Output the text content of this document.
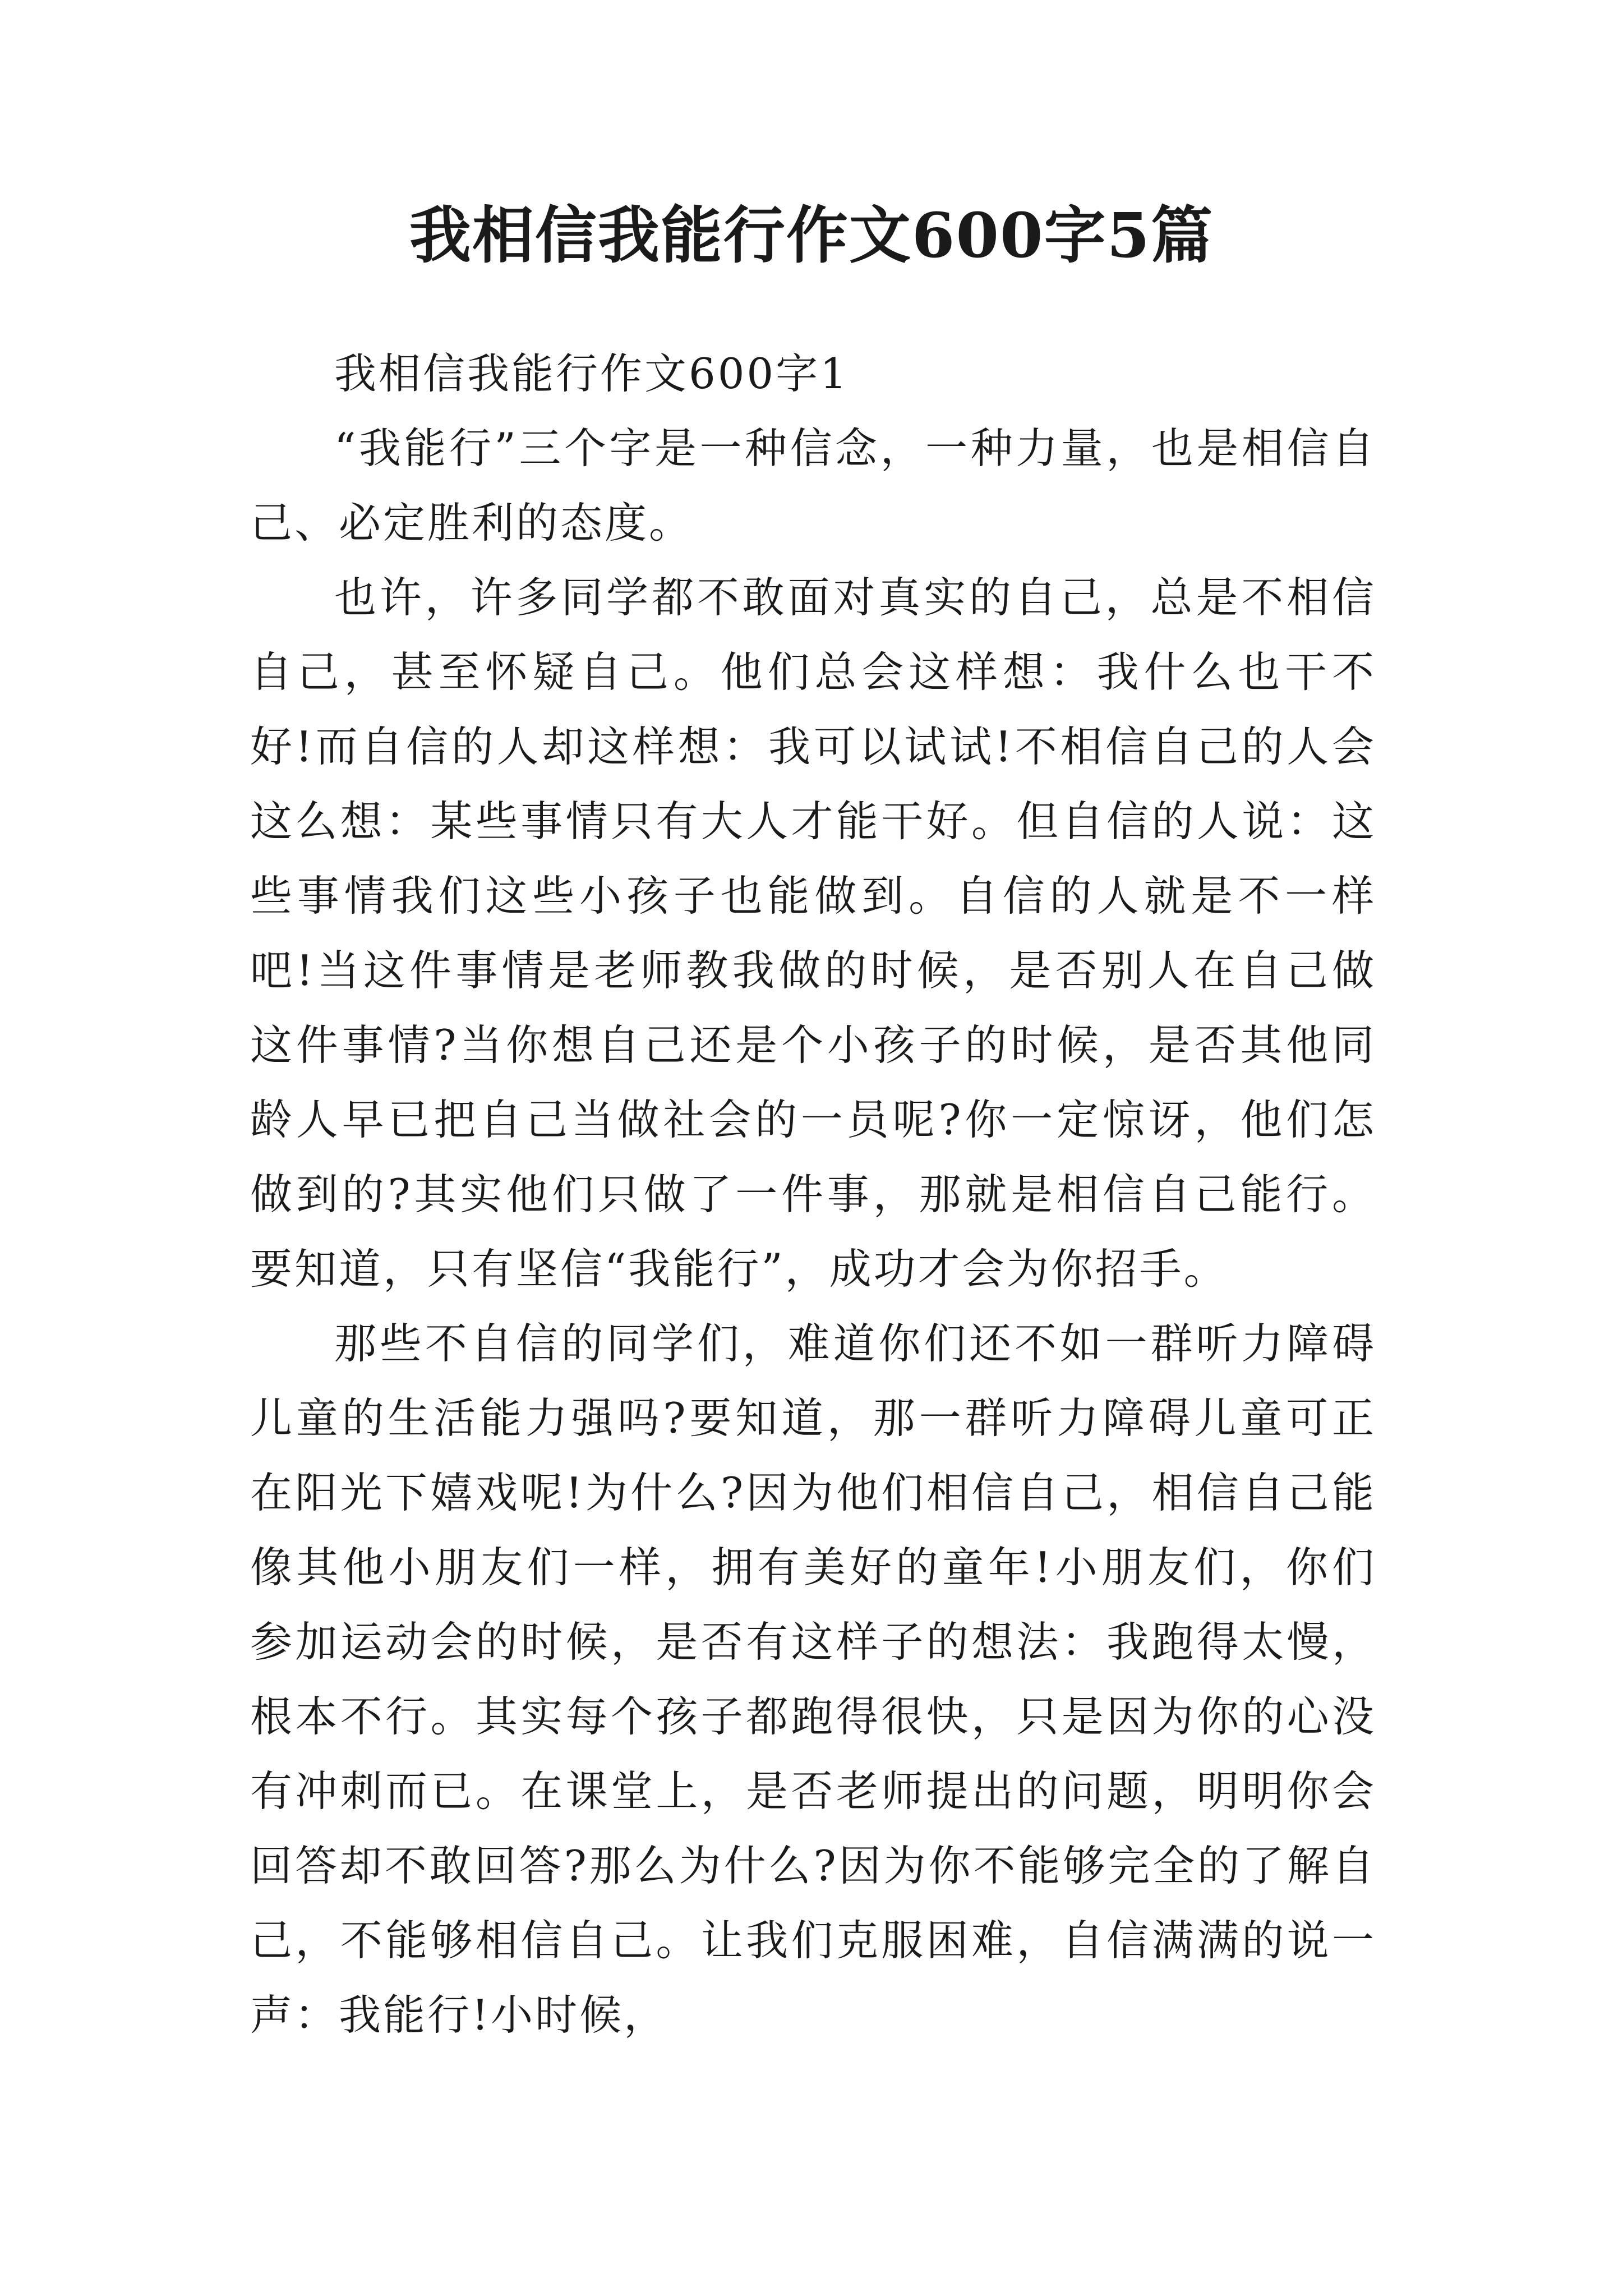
我相信我能行作文600字5篇

我相信我能行作文600字1

“我能行”三个字是一种信念，一种力量，也是相信自己、必定胜利的态度。

也许，许多同学都不敢面对真实的自己，总是不相信自己，甚至怀疑自己。他们总会这样想：我什么也干不好!而自信的人却这样想：我可以试试!不相信自己的人会这么想：某些事情只有大人才能干好。但自信的人说：这些事情我们这些小孩子也能做到。自信的人就是不一样吧!当这件事情是老师教我做的时候，是否别人在自己做这件事情?当你想自己还是个小孩子的时候，是否其他同龄人早已把自己当做社会的一员呢?你一定惊讶，他们怎做到的?其实他们只做了一件事，那就是相信自己能行。要知道，只有坚信“我能行”，成功才会为你招手。

那些不自信的同学们，难道你们还不如一群听力障碍儿童的生活能力强吗?要知道，那一群听力障碍儿童可正在阳光下嬉戏呢!为什么?因为他们相信自己，相信自己能像其他小朋友们一样，拥有美好的童年!小朋友们，你们参加运动会的时候，是否有这样子的想法：我跑得太慢，根本不行。其实每个孩子都跑得很快，只是因为你的心没有冲刺而已。在课堂上，是否老师提出的问题，明明你会回答却不敢回答?那么为什么?因为你不能够完全的了解自己，不能够相信自己。让我们克服困难，自信满满的说一声：我能行!小时候，
